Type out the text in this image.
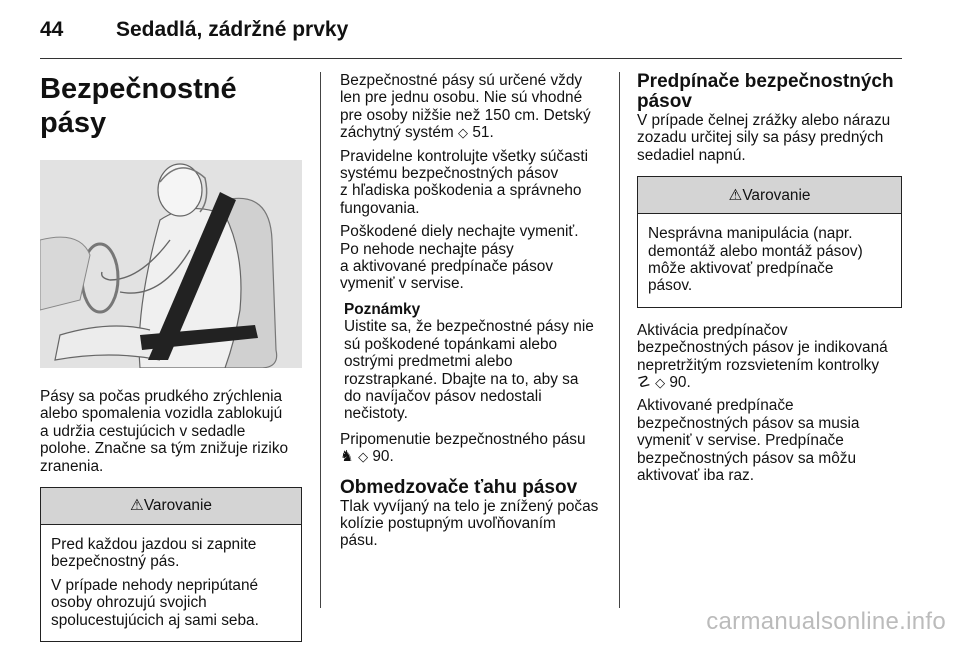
44	Sedadlá, zádržné prvky
Bezpečnostné pásy

Pásy sa počas prudkého zrýchlenia
alebo spomalenia vozidla zablokujú
a udržia cestujúcich v sedadle
polohe. Značne sa tým znižuje riziko
zranenia.

⚠ Varovanie

Pred každou jazdou si zapnite
bezpečnostný pás.

V prípade nehody nepripútané
osoby ohrozujú svojich
spolucestujúcich aj sami seba.

Bezpečnostné pásy sú určené vždy
len pre jednu osobu. Nie sú vhodné
pre osoby nižšie než 150 cm. Detský
záchytný systém ◇ 51.

Pravidelne kontrolujte všetky súčasti
systému bezpečnostných pásov
z hľadiska poškodenia a správneho
fungovania.

Poškodené diely nechajte vymeniť.
Po nehode nechajte pásy
a aktivované predpínače pásov
vymeniť v servise.

Poznámky
Uistite sa, že bezpečnostné pásy nie
sú poškodené topánkami alebo
ostrými predmetmi alebo
rozstrapkané. Dbajte na to, aby sa
do navíjačov pásov nedostali
nečistoty.

Pripomenutie bezpečnostného pásu
♞ ◇ 90.

Obmedzovače ťahu pásov

Tlak vyvíjaný na telo je znížený počas
kolízie postupným uvoľňovaním
pásu.

Predpínače bezpečnostných
pásov

V prípade čelnej zrážky alebo nárazu
zozadu určitej sily sa pásy predných
sedadiel napnú.

⚠ Varovanie

Nesprávna manipulácia (napr.
demontáž alebo montáž pásov)
môže aktivovať predpínače
pásov.

Aktivácia predpínačov
bezpečnostných pásov je indikovaná
nepretržitým rozsvietením kontrolky
☡ ◇ 90.

Aktivované predpínače
bezpečnostných pásov sa musia
vymeniť v servise. Predpínače
bezpečnostných pásov sa môžu
aktivovať iba raz.

carmanualsonline.info
